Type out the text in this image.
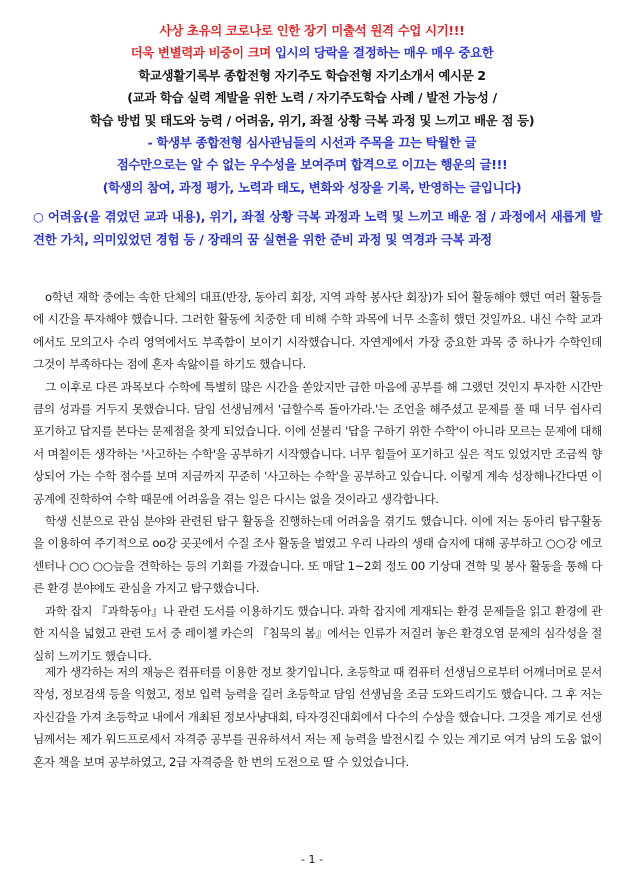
사상 초유의 코로나로 인한 장기 미출석 원격 수업 시기!!!
더욱 변별력과 비중이 크며 입시의 당락을 결정하는 매우 매우 중요한
학교생활기록부 종합전형 자기주도 학습전형 자기소개서 예시문 2
(교과 학습 실력 계발을 위한 노력 / 자기주도학습 사례 / 발전 가능성 /
학습 방법 및 태도와 능력 / 어려움, 위기, 좌절 상황 극복 과정 및 느끼고 배운 점 등)
- 학생부 종합전형 심사관님들의 시선과 주목을 끄는 탁월한 글
점수만으로는 알 수 없는 우수성을 보여주며 합격으로 이끄는 행운의 글!!!
(학생의 참여, 과정 평가, 노력과 태도, 변화와 성장을 기록, 반영하는 글입니다)
○ 어려움(을 겪었던 교과 내용), 위기, 좌절 상황 극복 과정과 노력 및 느끼고 배운 점 / 과정에서 새롭게 발견한 가치, 의미있었던 경험 등 / 장래의 꿈 실현을 위한 준비 과정 및 역경과 극복 과정

o학년 재학 중에는 속한 단체의 대표(반장, 동아리 회장, 지역 과학 봉사단 회장)가 되어 활동해야 했던 여러 활동들에 시간을 투자해야 했습니다. 그러한 활동에 치중한 데 비해 수학 과목에 너무 소홀히 했던 것일까요. 내신 수학 교과에서도 모의고사 수리 영역에서도 부족함이 보이기 시작했습니다. 자연계에서 가장 중요한 과목 중 하나가 수학인데 그것이 부족하다는 점에 혼자 속앓이를 하기도 했습니다.

그 이후로 다른 과목보다 수학에 특별히 많은 시간을 쏟았지만 급한 마음에 공부를 해 그랬던 것인지 투자한 시간만큼의 성과를 거두지 못했습니다. 담임 선생님께서 '급할수록 돌아가라.'는 조언을 해주셨고 문제를 풀 때 너무 쉽사리 포기하고 답지를 본다는 문제점을 찾게 되었습니다. 이에 섣불리 '답을 구하기 위한 수학'이 아니라 모르는 문제에 대해서 며칠이든 생각하는 '사고하는 수학'을 공부하기 시작했습니다. 너무 힘들어 포기하고 싶은 적도 있었지만 조금씩 향상되어 가는 수학 점수를 보며 지금까지 꾸준히 '사고하는 수학'을 공부하고 있습니다. 이렇게 계속 성장해나간다면 이공계에 진학하여 수학 때문에 어려움을 겪는 일은 다시는 없을 것이라고 생각합니다.

학생 신분으로 관심 분야와 관련된 탐구 활동을 진행하는데 어려움을 겪기도 했습니다. 이에 저는 동아리 탐구활동을 이용하여 주기적으로 oo강 곳곳에서 수질 조사 활동을 벌였고 우리 나라의 생태 습지에 대해 공부하고 ○○강 에코센터나 ○○ ○○늪을 견학하는 등의 기회를 가졌습니다. 또 매달 1~2회 정도 00 기상대 견학 및 봉사 활동을 통해 다른 환경 분야에도 관심을 가지고 탐구했습니다.

과학 잡지 『과학동아』나 관련 도서를 이용하기도 했습니다. 과학 잡지에 게재되는 환경 문제들을 읽고 환경에 관한 지식을 넓혔고 관련 도서 중 레이첼 카슨의 『침묵의 봄』에서는 인류가 저질러 놓은 환경오염 문제의 심각성을 절실히 느끼기도 했습니다.

제가 생각하는 저의 재능은 컴퓨터를 이용한 정보 찾기입니다. 초등학교 때 컴퓨터 선생님으로부터 어깨너머로 문서작성, 정보검색 등을 익혔고, 정보 입력 능력을 길러 초등학교 담임 선생님을 조금 도와드리기도 했습니다. 그 후 저는 자신감을 가져 초등학교 내에서 개최된 정보사냥대회, 타자경진대회에서 다수의 수상을 했습니다. 그것을 계기로 선생님께서는 제가 워드프로세서 자격증 공부를 권유하셔서 저는 제 능력을 발전시킬 수 있는 계기로 여겨 남의 도움 없이 혼자 책을 보며 공부하였고, 2급 자격증을 한 번의 도전으로 딸 수 있었습니다.

- 1 -
